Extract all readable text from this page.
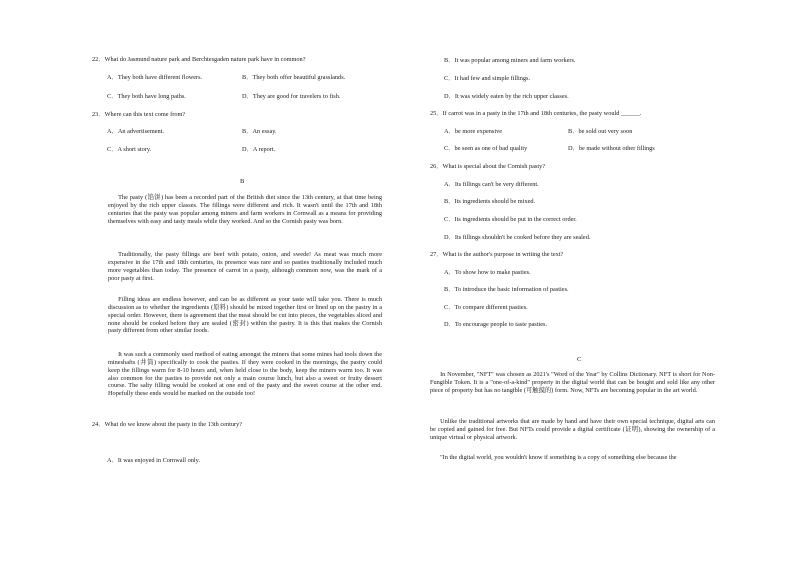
22．What do Jasmund nature park and Berchtesgaden nature park have in common?
A．They both have different flowers.	B．They both offer beautiful grasslands.
C．They both have long paths.	D．They are good for travelers to fish.
23．Where can this text come from?
A．An advertisement.	B．An essay.
C．A short story.	D．A report.
B

The pasty (馅饼) has been a recorded part of the British diet since the 13th century, at that time being enjoyed by the rich upper classes. The fillings were different and rich. It wasn't until the 17th and 18th centuries that the pasty was popular among miners and farm workers in Cornwall as a means for providing themselves with easy and tasty meals while they worked. And so the Cornish pasty was born.

Traditionally, the pasty fillings are beef with potato, onion, and swede! As meat was much more expensive in the 17th and 18th centuries, its presence was rare and so pasties traditionally included much more vegetables than today. The presence of carrot in a pasty, although common now, was the mark of a poor pasty at first.

Filling ideas are endless however, and can be as different as your taste will take you. There is much discussion as to whether the ingredients (原料) should be mixed together first or lined up on the pastry in a special order. However, there is agreement that the meat should be cut into pieces, the vegetables sliced and none should be cooked before they are sealed (密封) within the pastry. It is this that makes the Cornish pasty different from other similar foods.

It was such a commonly used method of eating amongst the miners that some mines had tools down the mineshafts (井筒) specifically to cook the pasties. If they were cooked in the mornings, the pastry could keep the fillings warm for 8-10 hours and, when held close to the body, keep the miners warm too. It was also common for the pasties to provide not only a main course lunch, but also a sweet or fruity dessert course. The salty filling would be cooked at one end of the pasty and the sweet course at the other end. Hopefully these ends would be marked on the outside too!

24．What do we know about the pasty in the 13th century?
A．It was enjoyed in Cornwall only.
B．It was popular among miners and farm workers.
C．It had few and simple fillings.
D．It was widely eaten by the rich upper classes.
25．If carrot was in a pasty in the 17th and 18th centuries, the pasty would ______.
A．be more expensive	B．be sold out very soon
C．be seen as one of bad quality	D．be made without other fillings
26．What is special about the Cornish pasty?
A．Its fillings can't be very different.
B．Its ingredients should be mixed.
C．Its ingredients should be put in the correct order.
D．Its fillings shouldn't be cooked before they are sealed.
27．What is the author's purpose in writing the text?
A．To show how to make pasties.
B．To introduce the basic information of pasties.
C．To compare different pasties.
D．To encourage people to taste pasties.
C

In November, "NFT" was chosen as 2021's "Word of the Year" by Collins Dictionary. NFT is short for Non-Fungible Token. It is a "one-of-a-kind" property in the digital world that can be bought and sold like any other piece of property but has no tangible (可触摸的) form. Now, NFTs are becoming popular in the art world.

Unlike the traditional artworks that are made by hand and have their own special technique, digital arts can be copied and gained for free. But NFTs could provide a digital certificate (证明), showing the ownership of a unique virtual or physical artwork.

"In the digital world, you wouldn't know if something is a copy of something else because the
